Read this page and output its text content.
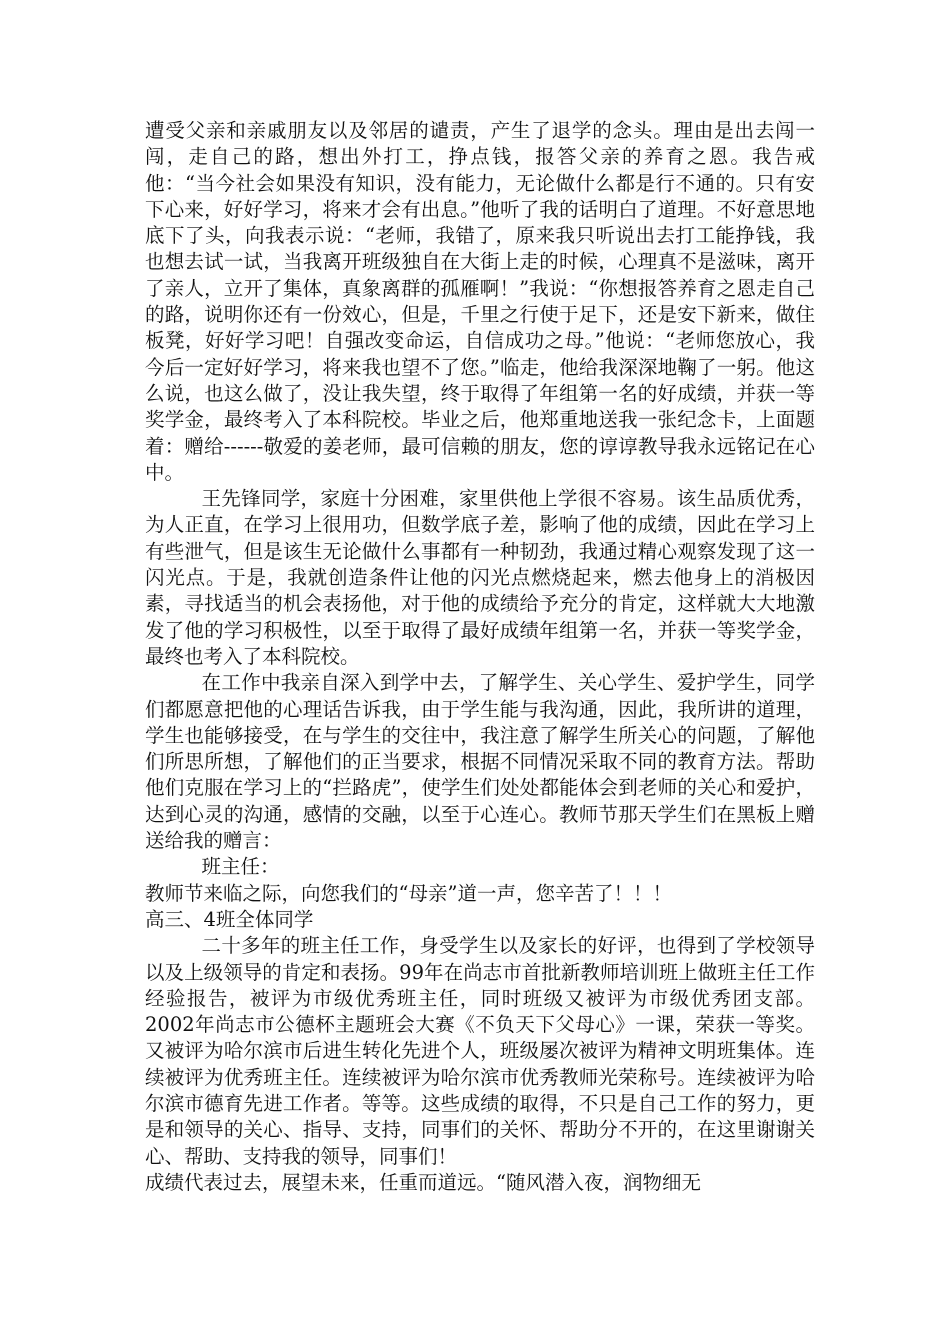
遭受父亲和亲戚朋友以及邻居的谴责，产生了退学的念头。理由是出去闯一闯，走自己的路，想出外打工，挣点钱，报答父亲的养育之恩。我告戒他：“当今社会如果没有知识，没有能力，无论做什么都是行不通的。只有安下心来，好好学习，将来才会有出息。”他听了我的话明白了道理。不好意思地底下了头，向我表示说：“老师，我错了，原来我只听说出去打工能挣钱，我也想去试一试，当我离开班级独自在大街上走的时候，心理真不是滋味，离开了亲人，立开了集体，真象离群的孤雁啊！”我说：“你想报答养育之恩走自己的路，说明你还有一份效心，但是，千里之行使于足下，还是安下新来，做住板凳，好好学习吧！自强改变命运，自信成功之母。”他说：“老师您放心，我今后一定好好学习，将来我也望不了您。”临走，他给我深深地鞠了一躬。他这么说，也这么做了，没让我失望，终于取得了年组第一名的好成绩，并获一等奖学金，最终考入了本科院校。毕业之后，他郑重地送我一张纪念卡，上面题着：赠给------敬爱的姜老师，最可信赖的朋友，您的谆谆教导我永远铭记在心中。

王先锋同学，家庭十分困难，家里供他上学很不容易。该生品质优秀，为人正直，在学习上很用功，但数学底子差，影响了他的成绩，因此在学习上有些泄气，但是该生无论做什么事都有一种韧劲，我通过精心观察发现了这一闪光点。于是，我就创造条件让他的闪光点燃烧起来，燃去他身上的消极因素，寻找适当的机会表扬他，对于他的成绩给予充分的肯定，这样就大大地激发了他的学习积极性，以至于取得了最好成绩年组第一名，并获一等奖学金，最终也考入了本科院校。

在工作中我亲自深入到学中去，了解学生、关心学生、爱护学生，同学们都愿意把他的心理话告诉我，由于学生能与我沟通，因此，我所讲的道理，学生也能够接受，在与学生的交往中，我注意了解学生所关心的问题，了解他们所思所想，了解他们的正当要求，根据不同情况采取不同的教育方法。帮助他们克服在学习上的“拦路虎”，使学生们处处都能体会到老师的关心和爱护，达到心灵的沟通，感情的交融，以至于心连心。教师节那天学生们在黑板上赠送给我的赠言：

班主任：

教师节来临之际，向您我们的“母亲”道一声，您辛苦了！！！

高三、4班全体同学

二十多年的班主任工作，身受学生以及家长的好评，也得到了学校领导以及上级领导的肯定和表扬。99年在尚志市首批新教师培训班上做班主任工作经验报告，被评为市级优秀班主任，同时班级又被评为市级优秀团支部。2002年尚志市公德杯主题班会大赛《不负天下父母心》一课，荣获一等奖。又被评为哈尔滨市后进生转化先进个人，班级屡次被评为精神文明班集体。连续被评为优秀班主任。连续被评为哈尔滨市优秀教师光荣称号。连续被评为哈尔滨市德育先进工作者。等等。这些成绩的取得，不只是自己工作的努力，更是和领导的关心、指导、支持，同事们的关怀、帮助分不开的，在这里谢谢关心、帮助、支持我的领导，同事们！

成绩代表过去，展望未来，任重而道远。“随风潜入夜，润物细无
